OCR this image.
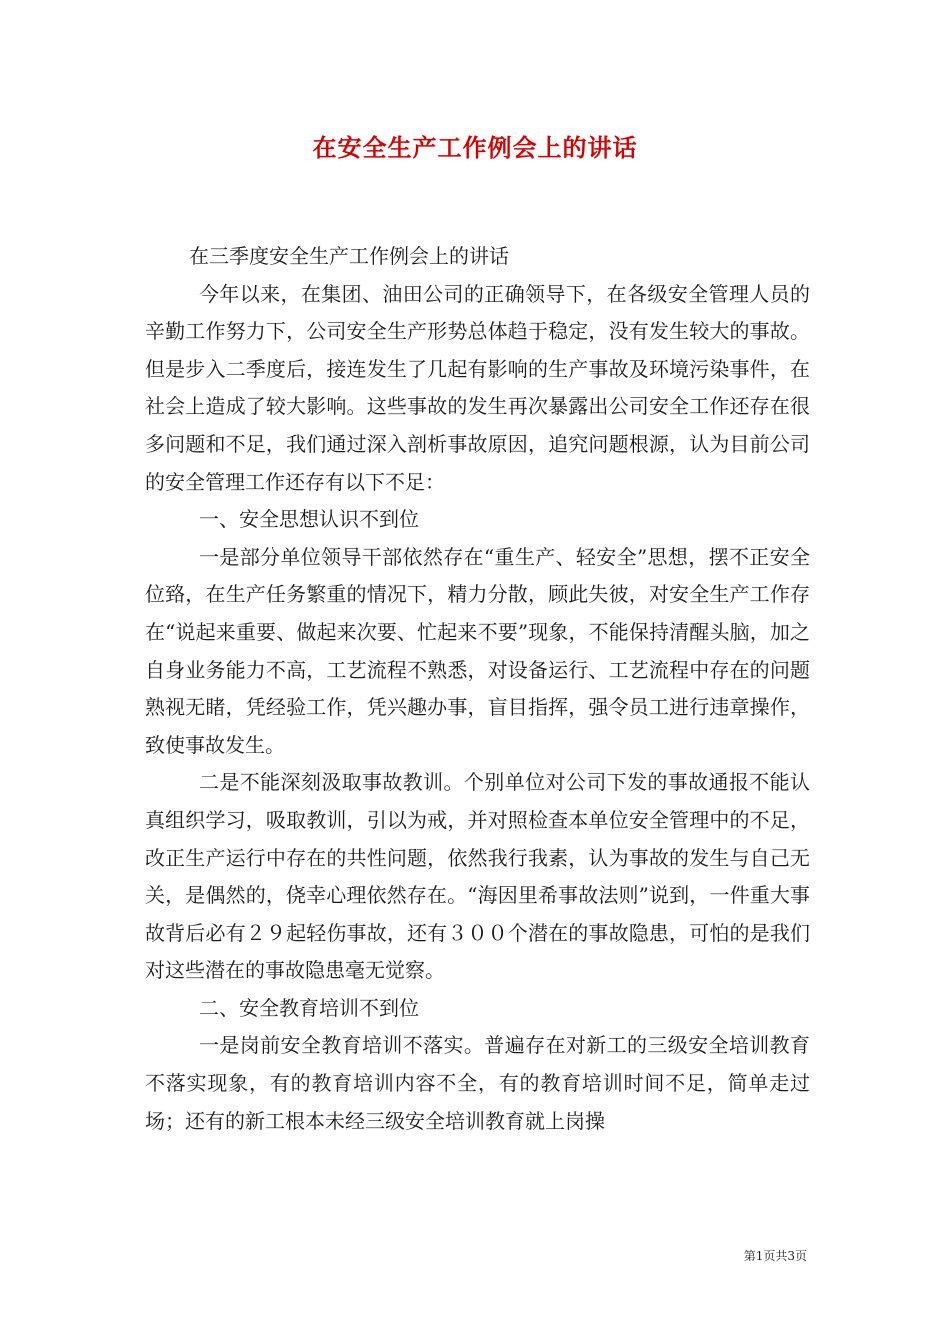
在安全生产工作例会上的讲话

在三季度安全生产工作例会上的讲话

今年以来，在集团、油田公司的正确领导下，在各级安全管理人员的辛勤工作努力下，公司安全生产形势总体趋于稳定，没有发生较大的事故。但是步入二季度后，接连发生了几起有影响的生产事故及环境污染事件，在社会上造成了较大影响。这些事故的发生再次暴露出公司安全工作还存在很多问题和不足，我们通过深入剖析事故原因，追究问题根源，认为目前公司的安全管理工作还存有以下不足：

一、安全思想认识不到位

一是部分单位领导干部依然存在“重生产、轻安全”思想，摆不正安全位臵，在生产任务繁重的情况下，精力分散，顾此失彼，对安全生产工作存在“说起来重要、做起来次要、忙起来不要”现象，不能保持清醒头脑，加之自身业务能力不高，工艺流程不熟悉，对设备运行、工艺流程中存在的问题熟视无睹，凭经验工作，凭兴趣办事，盲目指挥，强令员工进行违章操作，致使事故发生。

二是不能深刻汲取事故教训。个别单位对公司下发的事故通报不能认真组织学习，吸取教训，引以为戒，并对照检查本单位安全管理中的不足，改正生产运行中存在的共性问题，依然我行我素，认为事故的发生与自己无关，是偶然的，侥幸心理依然存在。“海因里希事故法则”说到，一件重大事故背后必有２９起轻伤事故，还有３００个潜在的事故隐患，可怕的是我们对这些潜在的事故隐患毫无觉察。

二、安全教育培训不到位

一是岗前安全教育培训不落实。普遍存在对新工的三级安全培训教育不落实现象，有的教育培训内容不全，有的教育培训时间不足，简单走过场；还有的新工根本未经三级安全培训教育就上岗操

第1页共3页
